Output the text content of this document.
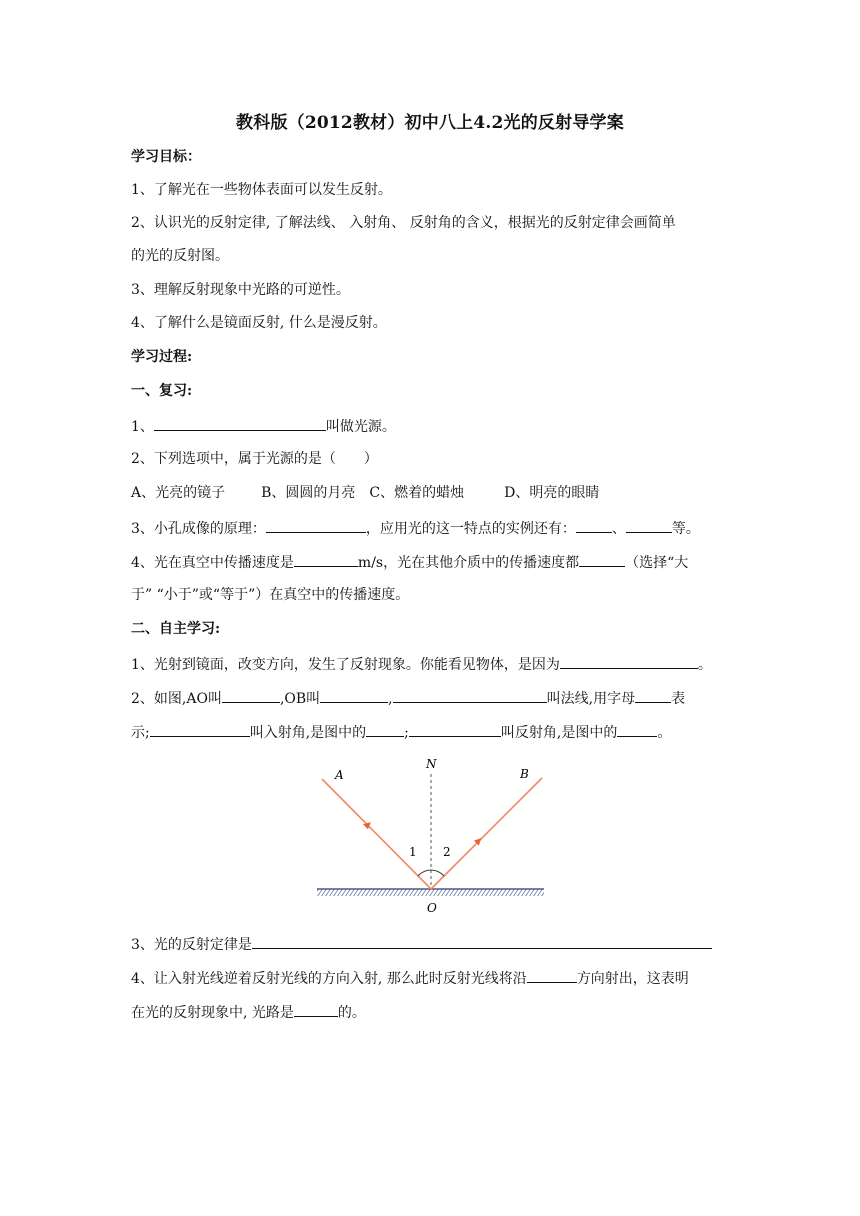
教科版（2012教材）初中八上4.2光的反射导学案
学习目标：
1、了解光在一些物体表面可以发生反射。
2、认识光的反射定律, 了解法线、 入射角、 反射角的含义，根据光的反射定律会画简单
的光的反射图。
3、理解反射现象中光路的可逆性。
4、了解什么是镜面反射, 什么是漫反射。
学习过程:
一、复习:
1、	叫做光源。
2、下列选项中，属于光源的是（　　）
A、光亮的镜子	B、圆圆的月亮 C、燃着的蜡烛	D、明亮的眼睛
3、小孔成像的原理：	，应用光的这一特点的实例还有：	、	等。
4、光在真空中传播速度是	m/s，光在其他介质中的传播速度都	（选择“大
于” “小于”或“等于”）在真空中的传播速度。
二、自主学习:
1、光射到镜面，改变方向，发生了反射现象。你能看见物体，是因为	。
2、如图,AO叫	,OB叫	,	叫法线,用字母	表
示;	叫入射角,是图中的	;	叫反射角,是图中的	。
A
N
B
O
1 2
3、光的反射定律是
4、让入射光线逆着反射光线的方向入射, 那么此时反射光线将沿	方向射出，这表明
在光的反射现象中, 光路是	的。
